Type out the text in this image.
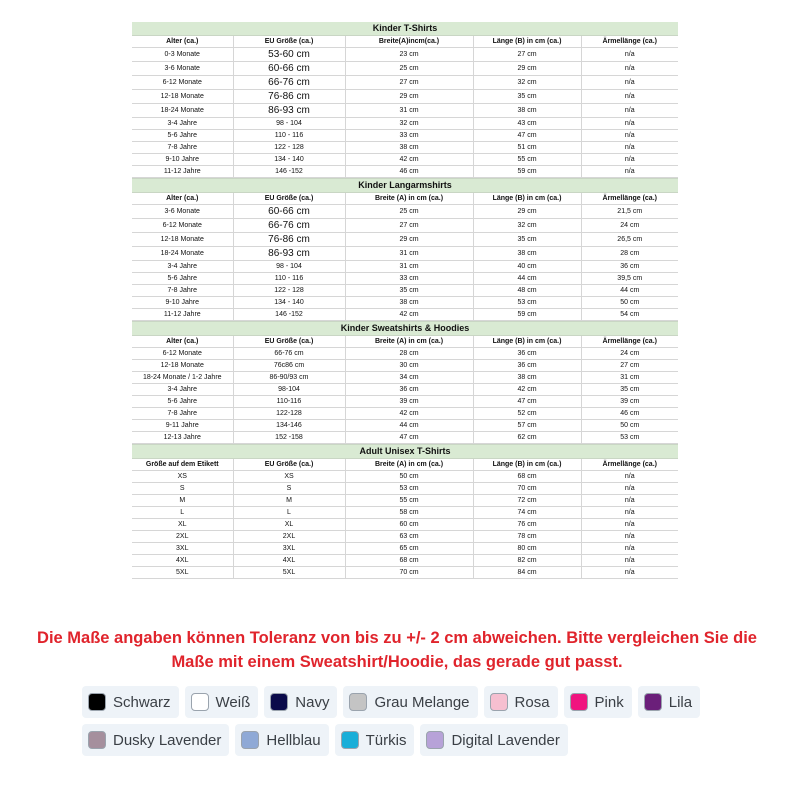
Kinder T-Shirts
Alter (ca.)	EU Größe (ca.)	Breite(A)incm(ca.)	Länge (B) in cm (ca.)	Ärmellänge (ca.)
0-3 Monate	53-60 cm	23 cm	27 cm	n/a
3-6 Monate	60-66 cm	25 cm	29 cm	n/a
6-12 Monate	66-76 cm	27 cm	32 cm	n/a
12-18 Monate	76-86 cm	29 cm	35 cm	n/a
18-24 Monate	86-93 cm	31 cm	38 cm	n/a
3-4 Jahre	98 - 104	32 cm	43 cm	n/a
5-6 Jahre	110 - 116	33 cm	47 cm	n/a
7-8 Jahre	122 - 128	38 cm	51 cm	n/a
9-10 Jahre	134 - 140	42 cm	55 cm	n/a
11-12 Jahre	146 -152	46 cm	59 cm	n/a
Kinder Langarmshirts
Alter (ca.)	EU Größe (ca.)	Breite (A) in cm (ca.)	Länge (B) in cm (ca.)	Ärmellänge (ca.)
3-6 Monate	60-66 cm	25 cm	29 cm	21,5 cm
6-12 Monate	66-76 cm	27 cm	32 cm	24 cm
12-18 Monate	76-86 cm	29 cm	35 cm	26,5 cm
18-24 Monate	86-93 cm	31 cm	38 cm	28 cm
3-4 Jahre	98 - 104	31 cm	40 cm	36 cm
5-6 Jahre	110 - 116	33 cm	44 cm	39,5 cm
7-8 Jahre	122 - 128	35 cm	48 cm	44 cm
9-10 Jahre	134 - 140	38 cm	53 cm	50 cm
11-12 Jahre	146 -152	42 cm	59 cm	54 cm
Kinder Sweatshirts & Hoodies
Alter (ca.)	EU Größe (ca.)	Breite (A) in cm (ca.)	Länge (B) in cm (ca.)	Ärmellänge (ca.)
6-12 Monate	66-76 cm	28 cm	36 cm	24 cm
12-18 Monate	76c86 cm	30 cm	36 cm	27 cm
18-24 Monate / 1-2 Jahre	86-90/93 cm	34 cm	38 cm	31 cm
3-4 Jahre	98-104	36 cm	42 cm	35 cm
5-6 Jahre	110-116	39 cm	47 cm	39 cm
7-8 Jahre	122-128	42 cm	52 cm	46 cm
9-11 Jahre	134-146	44 cm	57 cm	50 cm
12-13 Jahre	152 -158	47 cm	62 cm	53 cm
Adult Unisex T-Shirts
Größe auf dem Etikett	EU Größe (ca.)	Breite (A) in cm (ca.)	Länge (B) in cm (ca.)	Ärmellänge (ca.)
XS	XS	50 cm	68 cm	n/a
S	S	53 cm	70 cm	n/a
M	M	55 cm	72 cm	n/a
L	L	58 cm	74 cm	n/a
XL	XL	60 cm	76 cm	n/a
2XL	2XL	63 cm	78 cm	n/a
3XL	3XL	65 cm	80 cm	n/a
4XL	4XL	68 cm	82 cm	n/a
5XL	5XL	70 cm	84 cm	n/a
Die Maße angaben können Toleranz von bis zu +/- 2 cm abweichen. Bitte vergleichen Sie die
Maße mit einem Sweatshirt/Hoodie, das gerade gut passt.
Schwarz	Weiß	Navy	Grau Melange	Rosa	Pink	Lila
Dusky Lavender	Hellblau	Türkis	Digital Lavender
